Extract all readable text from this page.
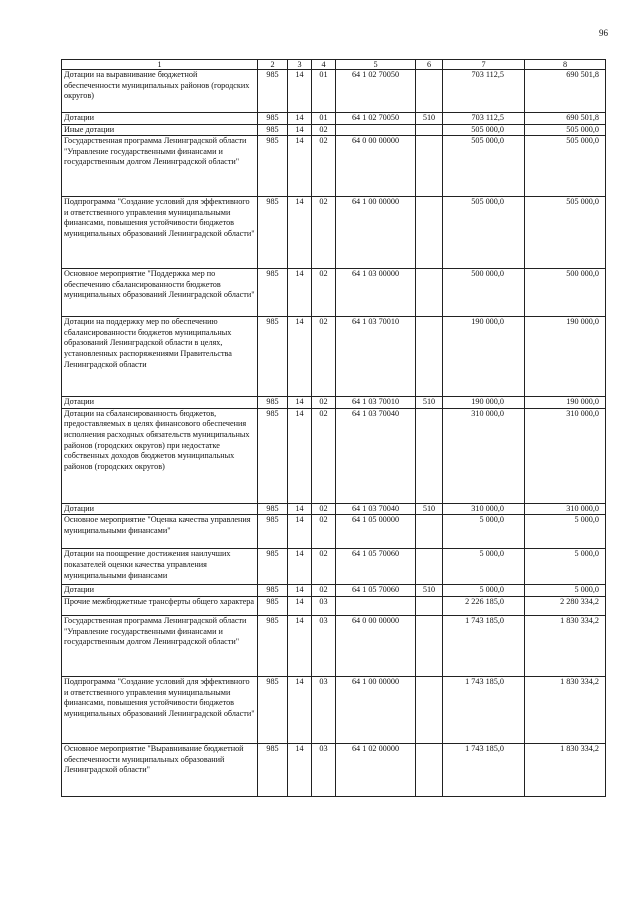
96
1	2	3	4	5	6	7	8
Дотации на выравнивание бюджетной обеспеченности муниципальных районов (городских округов)	985	14	01	64 1 02 70050		703 112,5	690 501,8
Дотации	985	14	01	64 1 02 70050	510	703 112,5	690 501,8
Иные дотации	985	14	02			505 000,0	505 000,0
Государственная программа Ленинградской области "Управление государственными финансами и государственным долгом Ленинградской области"	985	14	02	64 0 00 00000		505 000,0	505 000,0
Подпрограмма "Создание условий для эффективного и ответственного управления муниципальными финансами, повышения устойчивости бюджетов муниципальных образований Ленинградской области"	985	14	02	64 1 00 00000		505 000,0	505 000,0
Основное мероприятие "Поддержка мер по обеспечению сбалансированности бюджетов муниципальных образований Ленинградской области"	985	14	02	64 1 03 00000		500 000,0	500 000,0
Дотации на поддержку мер по обеспечению сбалансированности бюджетов муниципальных образований Ленинградской области в целях, установленных распоряжениями Правительства Ленинградской области	985	14	02	64 1 03 70010		190 000,0	190 000,0
Дотации	985	14	02	64 1 03 70010	510	190 000,0	190 000,0
Дотации на сбалансированность бюджетов, предоставляемых в целях финансового обеспечения исполнения расходных обязательств муниципальных районов (городских округов) при недостатке собственных доходов бюджетов муниципальных районов (городских округов)	985	14	02	64 1 03 70040		310 000,0	310 000,0
Дотации	985	14	02	64 1 03 70040	510	310 000,0	310 000,0
Основное мероприятие "Оценка качества управления муниципальными финансами"	985	14	02	64 1 05 00000		5 000,0	5 000,0
Дотации на поощрение достижения наилучших показателей оценки качества управления муниципальными финансами	985	14	02	64 1 05 70060		5 000,0	5 000,0
Дотации	985	14	02	64 1 05 70060	510	5 000,0	5 000,0
Прочие межбюджетные трансферты общего характера	985	14	03			2 226 185,0	2 280 334,2
Государственная программа Ленинградской области "Управление государственными финансами и государственным долгом Ленинградской области"	985	14	03	64 0 00 00000		1 743 185,0	1 830 334,2
Подпрограмма "Создание условий для эффективного и ответственного управления муниципальными финансами, повышения устойчивости бюджетов муниципальных образований Ленинградской области"	985	14	03	64 1 00 00000		1 743 185,0	1 830 334,2
Основное мероприятие "Выравнивание бюджетной обеспеченности муниципальных образований Ленинградской области"	985	14	03	64 1 02 00000		1 743 185,0	1 830 334,2
